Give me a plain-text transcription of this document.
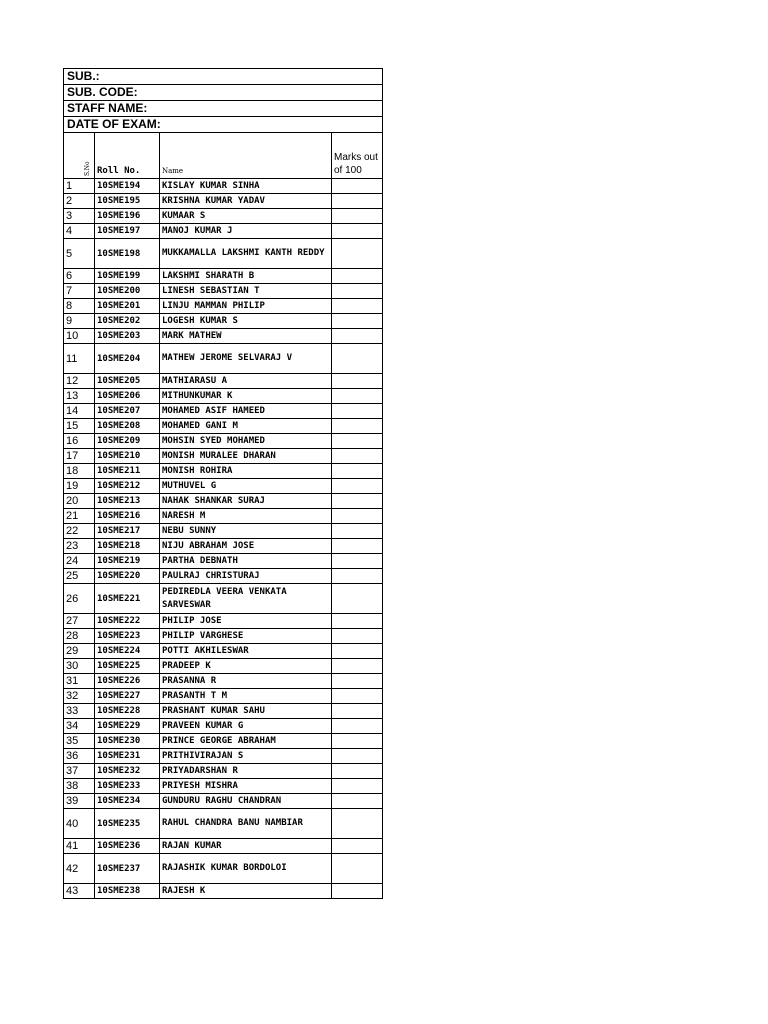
SUB.:			
SUB. CODE:			
STAFF NAME:			
DATE OF EXAM:			

S.No	Roll No.	Name	Marks out of 100
1	10SME194	KISLAY KUMAR SINHA	
2	10SME195	KRISHNA KUMAR YADAV	
3	10SME196	KUMAAR S	
4	10SME197	MANOJ KUMAR J	
5	10SME198	MUKKAMALLA LAKSHMI KANTH REDDY	
6	10SME199	LAKSHMI SHARATH B	
7	10SME200	LINESH SEBASTIAN T	
8	10SME201	LINJU MAMMAN PHILIP	
9	10SME202	LOGESH KUMAR S	
10	10SME203	MARK MATHEW	
11	10SME204	MATHEW JEROME SELVARAJ V	
12	10SME205	MATHIARASU A	
13	10SME206	MITHUNKUMAR K	
14	10SME207	MOHAMED ASIF HAMEED	
15	10SME208	MOHAMED GANI M	
16	10SME209	MOHSIN SYED MOHAMED	
17	10SME210	MONISH MURALEE DHARAN	
18	10SME211	MONISH ROHIRA	
19	10SME212	MUTHUVEL G	
20	10SME213	NAHAK SHANKAR SURAJ	
21	10SME216	NARESH M	
22	10SME217	NEBU SUNNY	
23	10SME218	NIJU ABRAHAM JOSE	
24	10SME219	PARTHA DEBNATH	
25	10SME220	PAULRAJ CHRISTURAJ	
26	10SME221	PEDIREDLA VEERA VENKATA SARVESWAR	
27	10SME222	PHILIP JOSE	
28	10SME223	PHILIP VARGHESE	
29	10SME224	POTTI AKHILESWAR	
30	10SME225	PRADEEP K	
31	10SME226	PRASANNA R	
32	10SME227	PRASANTH T M	
33	10SME228	PRASHANT KUMAR SAHU	
34	10SME229	PRAVEEN KUMAR G	
35	10SME230	PRINCE GEORGE ABRAHAM	
36	10SME231	PRITHIVIRAJAN S	
37	10SME232	PRIYADARSHAN R	
38	10SME233	PRIYESH MISHRA	
39	10SME234	GUNDURU RAGHU CHANDRAN	
40	10SME235	RAHUL CHANDRA BANU NAMBIAR	
41	10SME236	RAJAN KUMAR	
42	10SME237	RAJASHIK KUMAR BORDOLOI	
43	10SME238	RAJESH K	
